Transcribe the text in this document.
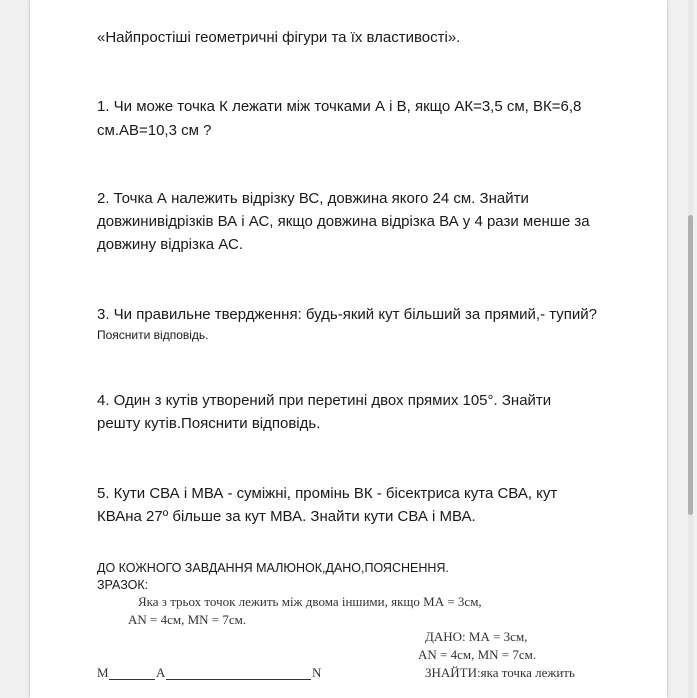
«Найпростіші геометричні фігури та їх властивості».
1. Чи може точка К лежати між точками А і В, якщо АК=3,5 см, ВК=6,8
см.АВ=10,3 см ?
2. Точка А належить відрізку ВС, довжина якого 24 см. Знайти
довжинивідрізків ВА і АС, якщо довжина відрізка ВА у 4 рази менше за
довжину відрізка АС.
3. Чи правильне твердження: будь-який кут більший за прямий,- тупий?
Пояснити відповідь.
4. Один з кутів утворений при перетині двох прямих 105°. Знайти
решту кутів.Пояснити відповідь.
5. Кути СВА і МВА - суміжні, промінь ВК - бісектриса кута СВА, кут
КВАна 27º більше за кут МВА. Знайти кути СВА і МВА.
ДО КОЖНОГО ЗАВДАННЯ МАЛЮНОК,ДАНО,ПОЯСНЕННЯ.
ЗРАЗОК:
Яка з трьох точок лежить між двома іншими, якщо МА = 3см,
AN = 4см, MN = 7см.
ДАНО: МА = 3см,
AN = 4см, MN = 7см.
ЗНАЙТИ:яка точка лежить
M	A	N
